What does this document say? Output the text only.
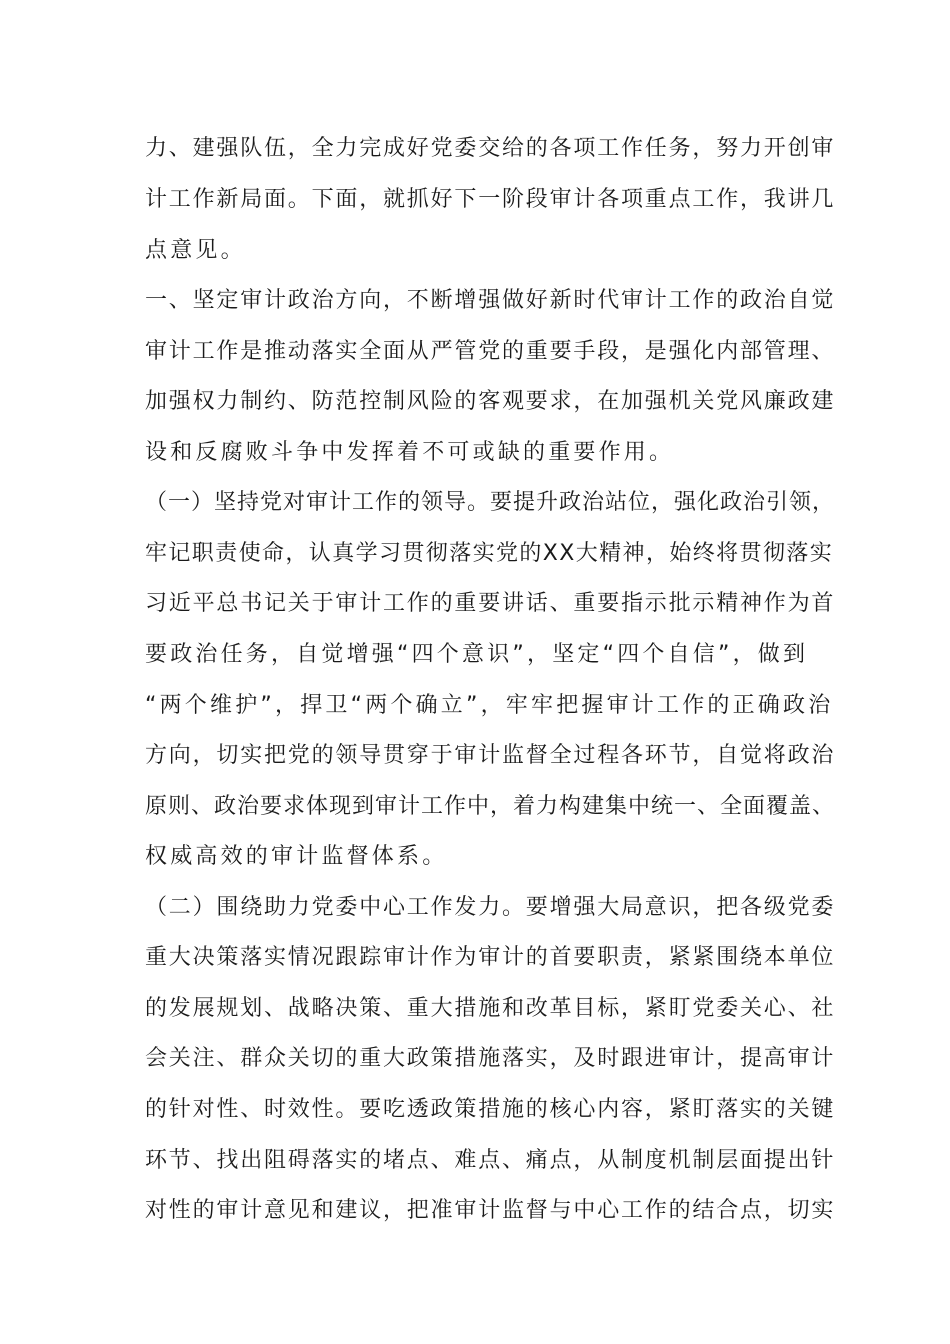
力、建强队伍，全力完成好党委交给的各项工作任务，努力开创审
计工作新局面。下面，就抓好下一阶段审计各项重点工作，我讲几
点意见。
一、坚定审计政治方向，不断增强做好新时代审计工作的政治自觉
审计工作是推动落实全面从严管党的重要手段，是强化内部管理、
加强权力制约、防范控制风险的客观要求，在加强机关党风廉政建
设和反腐败斗争中发挥着不可或缺的重要作用。
（一）坚持党对审计工作的领导。要提升政治站位，强化政治引领，
牢记职责使命，认真学习贯彻落实党的XX大精神，始终将贯彻落实
习近平总书记关于审计工作的重要讲话、重要指示批示精神作为首
要政治任务，自觉增强“四个意识”，坚定“四个自信”，做到
“两个维护”，捍卫“两个确立”，牢牢把握审计工作的正确政治
方向，切实把党的领导贯穿于审计监督全过程各环节，自觉将政治
原则、政治要求体现到审计工作中，着力构建集中统一、全面覆盖、
权威高效的审计监督体系。
（二）围绕助力党委中心工作发力。要增强大局意识，把各级党委
重大决策落实情况跟踪审计作为审计的首要职责，紧紧围绕本单位
的发展规划、战略决策、重大措施和改革目标，紧盯党委关心、社
会关注、群众关切的重大政策措施落实，及时跟进审计，提高审计
的针对性、时效性。要吃透政策措施的核心内容，紧盯落实的关键
环节、找出阻碍落实的堵点、难点、痛点，从制度机制层面提出针
对性的审计意见和建议，把准审计监督与中心工作的结合点，切实
